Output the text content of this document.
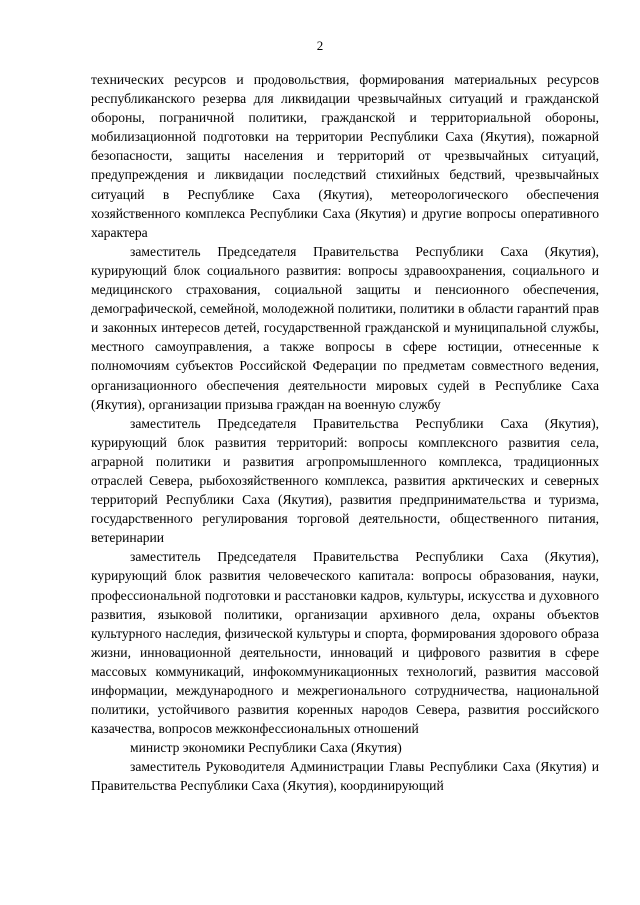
2

технических ресурсов и продовольствия, формирования материальных ресурсов республиканского резерва для ликвидации чрезвычайных ситуаций и гражданской обороны, пограничной политики, гражданской и территориальной обороны, мобилизационной подготовки на территории Республики Саха (Якутия), пожарной безопасности, защиты населения и территорий от чрезвычайных ситуаций, предупреждения и ликвидации последствий стихийных бедствий, чрезвычайных ситуаций в Республике Саха (Якутия), метеорологического обеспечения хозяйственного комплекса Республики Саха (Якутия) и другие вопросы оперативного характера

заместитель Председателя Правительства Республики Саха (Якутия), курирующий блок социального развития: вопросы здравоохранения, социального и медицинского страхования, социальной защиты и пенсионного обеспечения, демографической, семейной, молодежной политики, политики в области гарантий прав и законных интересов детей, государственной гражданской и муниципальной службы, местного самоуправления, а также вопросы в сфере юстиции, отнесенные к полномочиям субъектов Российской Федерации по предметам совместного ведения, организационного обеспечения деятельности мировых судей в Республике Саха (Якутия), организации призыва граждан на военную службу

заместитель Председателя Правительства Республики Саха (Якутия), курирующий блок развития территорий: вопросы комплексного развития села, аграрной политики и развития агропромышленного комплекса, традиционных отраслей Севера, рыбохозяйственного комплекса, развития арктических и северных территорий Республики Саха (Якутия), развития предпринимательства и туризма, государственного регулирования торговой деятельности, общественного питания, ветеринарии

заместитель Председателя Правительства Республики Саха (Якутия), курирующий блок развития человеческого капитала: вопросы образования, науки, профессиональной подготовки и расстановки кадров, культуры, искусства и духовного развития, языковой политики, организации архивного дела, охраны объектов культурного наследия, физической культуры и спорта, формирования здорового образа жизни, инновационной деятельности, инноваций и цифрового развития в сфере массовых коммуникаций, инфокоммуникационных технологий, развития массовой информации, международного и межрегионального сотрудничества, национальной политики, устойчивого развития коренных народов Севера, развития российского казачества, вопросов межконфессиональных отношений

министр экономики Республики Саха (Якутия)

заместитель Руководителя Администрации Главы Республики Саха (Якутия) и Правительства Республики Саха (Якутия), координирующий
